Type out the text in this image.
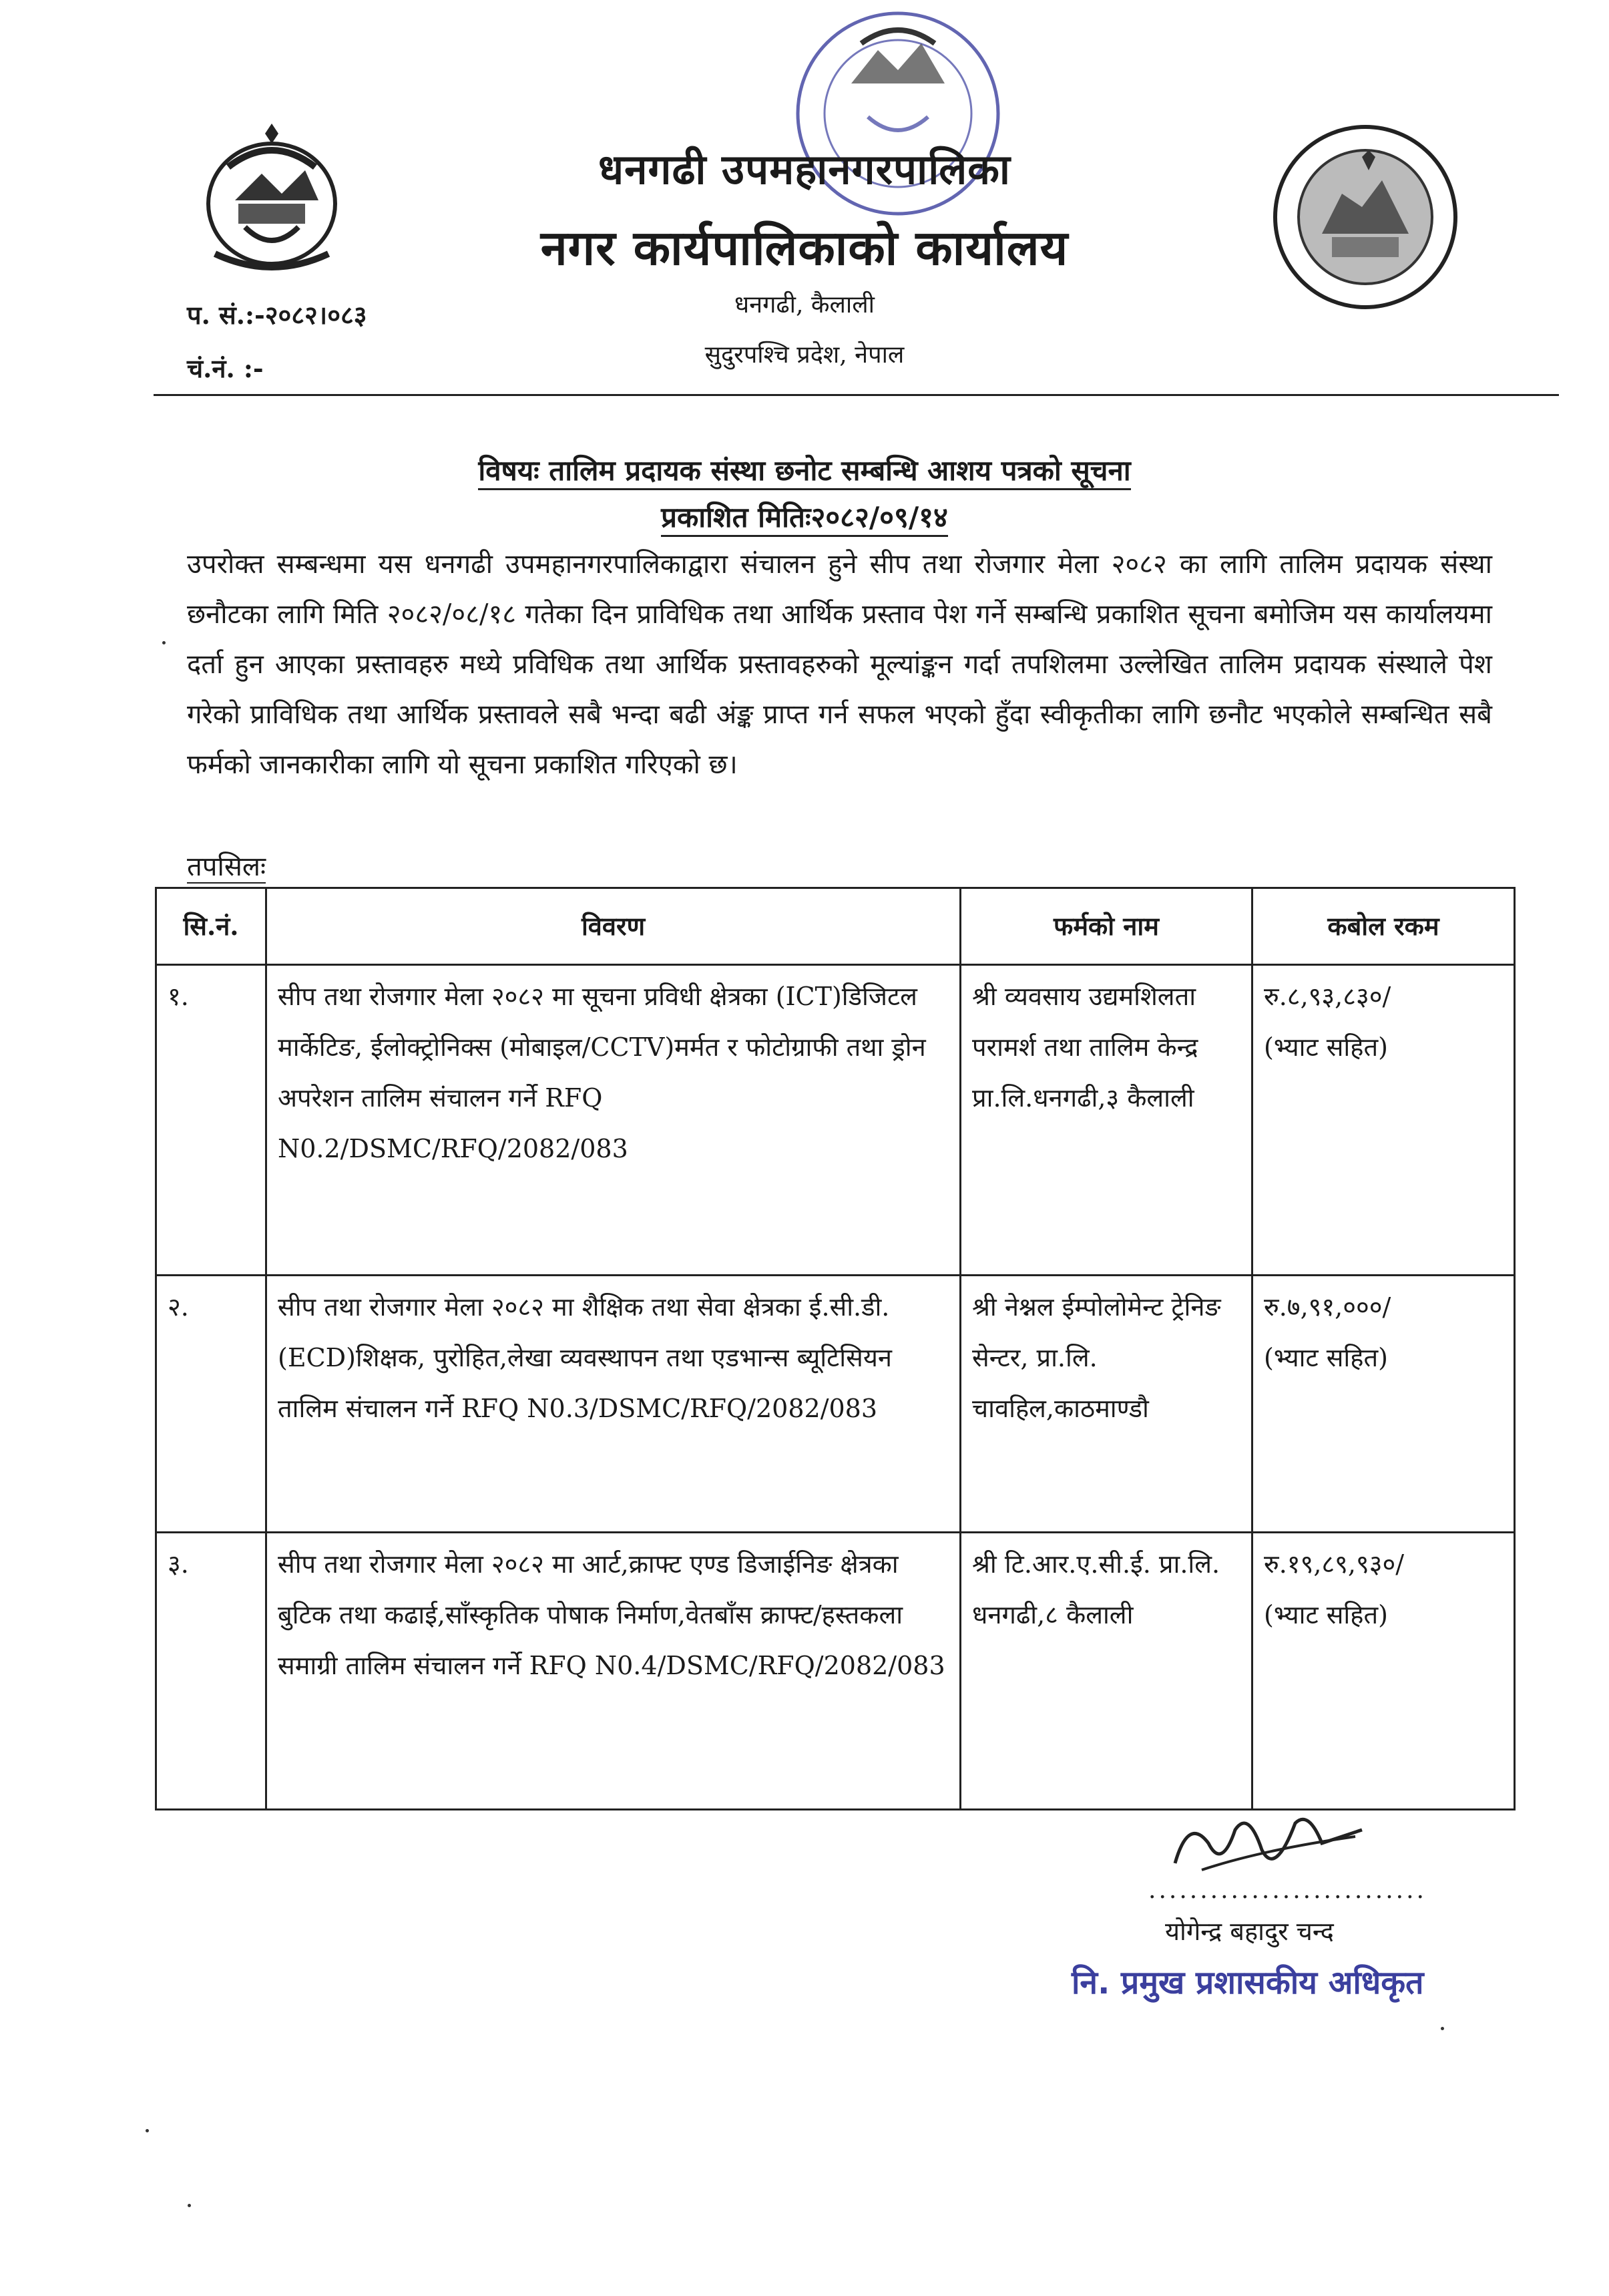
धनगढी उपमहानगरपालिका
नगर कार्यपालिकाको कार्यालय
धनगढी, कैलाली
सुदुरपश्चि प्रदेश, नेपाल
प. सं.:-२०८२।०८३
चं.नं. :-
विषयः तालिम प्रदायक संस्था छनोट सम्बन्धि आशय पत्रको सूचना
प्रकाशित मितिः२०८२/०९/१४
उपरोक्त सम्बन्धमा यस धनगढी उपमहानगरपालिकाद्वारा संचालन हुने सीप तथा रोजगार मेला २०८२ का लागि तालिम प्रदायक संस्था छनौटका लागि मिति २०८२/०८/१८ गतेका दिन प्राविधिक तथा आर्थिक प्रस्ताव पेश गर्ने सम्बन्धि प्रकाशित सूचना बमोजिम यस कार्यालयमा दर्ता हुन आएका प्रस्तावहरु मध्ये प्रविधिक तथा आर्थिक प्रस्तावहरुको मूल्यांङ्कन गर्दा तपशिलमा उल्लेखित तालिम प्रदायक संस्थाले पेश गरेको प्राविधिक तथा आर्थिक प्रस्तावले सबै भन्दा बढी अंङ्क प्राप्त गर्न सफल भएको हुँदा स्वीकृतीका लागि छनौट भएकोले सम्बन्धित सबै फर्मको जानकारीका लागि यो सूचना प्रकाशित गरिएको छ।
तपसिलः
सि.नं.	विवरण	फर्मको नाम	कबोल रकम
१.	सीप तथा रोजगार मेला २०८२ मा सूचना प्रविधी क्षेत्रका (ICT)डिजिटल मार्केटिङ, ईलोक्ट्रोनिक्स (मोबाइल/CCTV)मर्मत र फोटोग्राफी तथा ड्रोन अपरेशन तालिम संचालन गर्ने RFQ N0.2/DSMC/RFQ/2082/083	श्री व्यवसाय उद्यमशिलता परामर्श तथा तालिम केन्द्र प्रा.लि.धनगढी,३ कैलाली	रु.८,९३,८३०/
(भ्याट सहित)

२.	सीप तथा रोजगार मेला २०८२ मा शैक्षिक तथा सेवा क्षेत्रका ई.सी.डी. (ECD)शिक्षक, पुरोहित,लेखा व्यवस्थापन तथा एडभान्स ब्यूटिसियन तालिम संचालन गर्ने RFQ N0.3/DSMC/RFQ/2082/083	श्री नेश्नल ईम्पोलोमेन्ट ट्रेनिङ सेन्टर, प्रा.लि. चावहिल,काठमाण्डौ	रु.७,९१,०००/
(भ्याट सहित)

३.	सीप तथा रोजगार मेला २०८२ मा आर्ट,क्राफ्ट एण्ड डिजाईनिङ क्षेत्रका बुटिक तथा कढाई,साँस्कृतिक पोषाक निर्माण,वेतबाँस क्राफ्ट/हस्तकला समाग्री तालिम संचालन गर्ने RFQ N0.4/DSMC/RFQ/2082/083	श्री टि.आर.ए.सी.ई. प्रा.लि. धनगढी,८ कैलाली	रु.१९,८९,९३०/
(भ्याट सहित)
...........................
योगेन्द्र बहादुर चन्द
नि. प्रमुख प्रशासकीय अधिकृत
